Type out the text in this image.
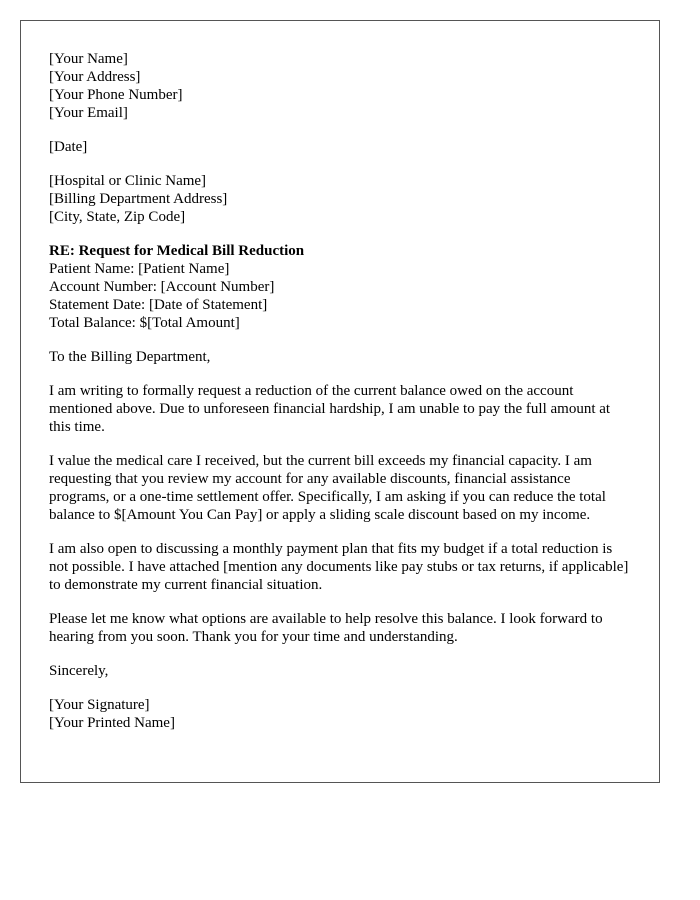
[Your Name]
[Your Address]
[Your Phone Number]
[Your Email]
[Date]
[Hospital or Clinic Name]
[Billing Department Address]
[City, State, Zip Code]
RE: Request for Medical Bill Reduction
Patient Name: [Patient Name]
Account Number: [Account Number]
Statement Date: [Date of Statement]
Total Balance: $[Total Amount]

To the Billing Department,

I am writing to formally request a reduction of the current balance owed on the account mentioned above. Due to unforeseen financial hardship, I am unable to pay the full amount at this time.

I value the medical care I received, but the current bill exceeds my financial capacity. I am requesting that you review my account for any available discounts, financial assistance programs, or a one-time settlement offer. Specifically, I am asking if you can reduce the total balance to $[Amount You Can Pay] or apply a sliding scale discount based on my income.

I am also open to discussing a monthly payment plan that fits my budget if a total reduction is not possible. I have attached [mention any documents like pay stubs or tax returns, if applicable] to demonstrate my current financial situation.

Please let me know what options are available to help resolve this balance. I look forward to hearing from you soon. Thank you for your time and understanding.

Sincerely,

[Your Signature]
[Your Printed Name]
